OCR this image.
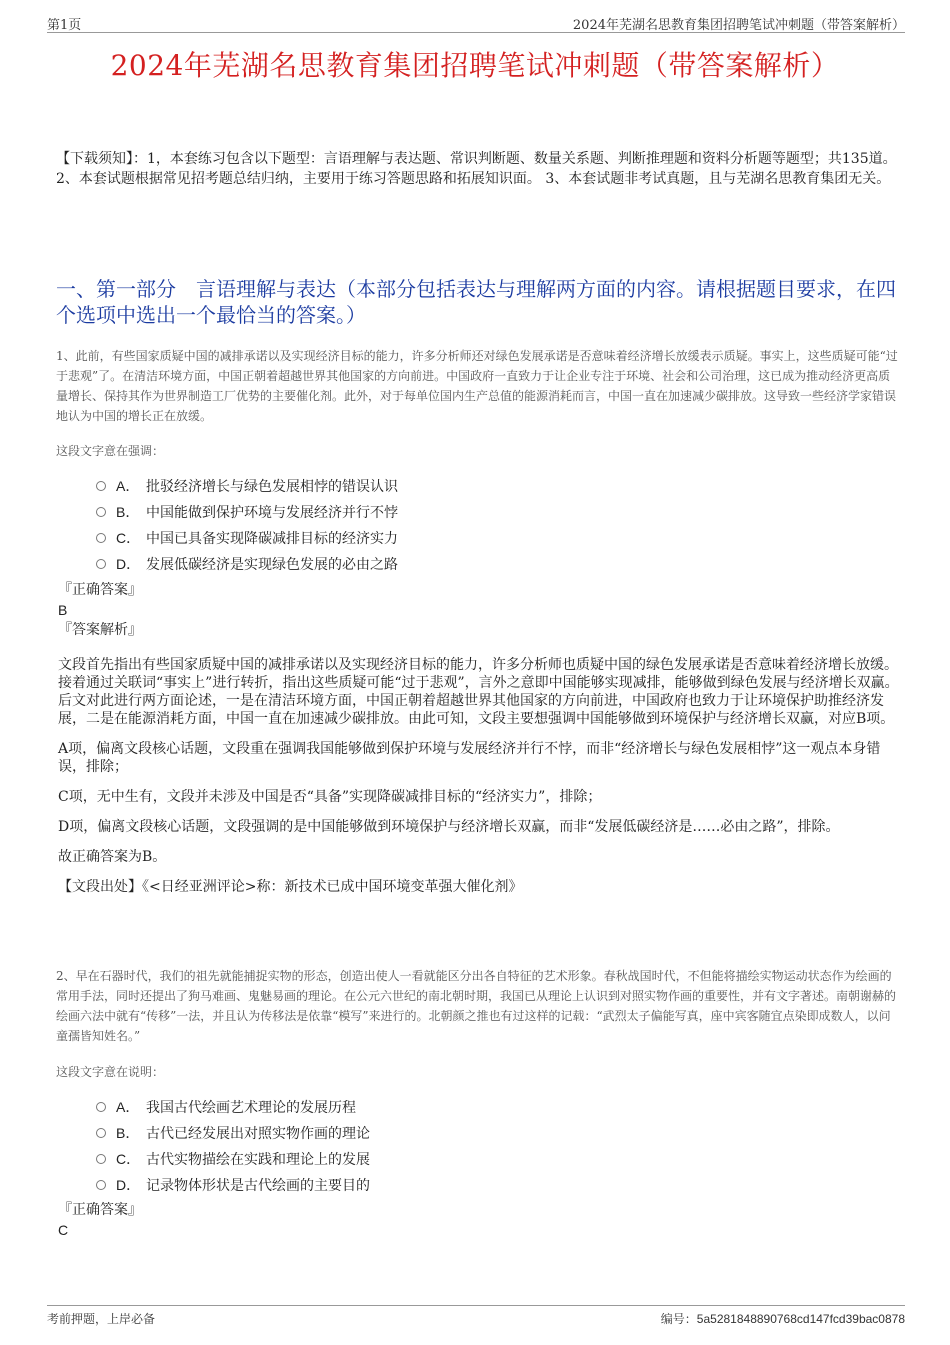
第1页	2024年芜湖名思教育集团招聘笔试冲刺题（带答案解析）
2024年芜湖名思教育集团招聘笔试冲刺题（带答案解析）
【下载须知】：1，本套练习包含以下题型：言语理解与表达题、常识判断题、数量关系题、判断推理题和资料分析题等题型；共135道。 2、本套试题根据常见招考题总结归纳，主要用于练习答题思路和拓展知识面。 3、本套试题非考试真题，且与芜湖名思教育集团无关。
一、第一部分　言语理解与表达（本部分包括表达与理解两方面的内容。请根据题目要求，在四个选项中选出一个最恰当的答案。）
1、此前，有些国家质疑中国的减排承诺以及实现经济目标的能力，许多分析师还对绿色发展承诺是否意味着经济增长放缓表示质疑。事实上，这些质疑可能“过于悲观”了。在清洁环境方面，中国正朝着超越世界其他国家的方向前进。中国政府一直致力于让企业专注于环境、社会和公司治理，这已成为推动经济更高质量增长、保持其作为世界制造工厂优势的主要催化剂。此外，对于每单位国内生产总值的能源消耗而言，中国一直在加速减少碳排放。这导致一些经济学家错误地认为中国的增长正在放缓。
这段文字意在强调：
A． 批驳经济增长与绿色发展相悖的错误认识
B． 中国能做到保护环境与发展经济并行不悖
C． 中国已具备实现降碳减排目标的经济实力
D． 发展低碳经济是实现绿色发展的必由之路
『正确答案』
B
『答案解析』

文段首先指出有些国家质疑中国的减排承诺以及实现经济目标的能力，许多分析师也质疑中国的绿色发展承诺是否意味着经济增长放缓。接着通过关联词“事实上”进行转折，指出这些质疑可能“过于悲观”，言外之意即中国能够实现减排，能够做到绿色发展与经济增长双赢。后文对此进行两方面论述，一是在清洁环境方面，中国正朝着超越世界其他国家的方向前进，中国政府也致力于让环境保护助推经济发展，二是在能源消耗方面，中国一直在加速减少碳排放。由此可知，文段主要想强调中国能够做到环境保护与经济增长双赢，对应B项。

A项，偏离文段核心话题，文段重在强调我国能够做到保护环境与发展经济并行不悖，而非“经济增长与绿色发展相悖”这一观点本身错误，排除；

C项，无中生有，文段并未涉及中国是否“具备”实现降碳减排目标的“经济实力”，排除；

D项，偏离文段核心话题，文段强调的是中国能够做到环境保护与经济增长双赢，而非“发展低碳经济是……必由之路”，排除。

故正确答案为B。

【文段出处】《<日经亚洲评论>称：新技术已成中国环境变革强大催化剂》

2、早在石器时代，我们的祖先就能捕捉实物的形态，创造出使人一看就能区分出各自特征的艺术形象。春秋战国时代，不但能将描绘实物运动状态作为绘画的常用手法，同时还提出了狗马难画、鬼魅易画的理论。在公元六世纪的南北朝时期，我国已从理论上认识到对照实物作画的重要性，并有文字著述。南朝谢赫的绘画六法中就有“传移”一法，并且认为传移法是依靠“模写”来进行的。北朝颜之推也有过这样的记载：“武烈太子偏能写真，座中宾客随宜点染即成数人，以问童孺皆知姓名。”
这段文字意在说明：
A． 我国古代绘画艺术理论的发展历程
B． 古代已经发展出对照实物作画的理论
C． 古代实物描绘在实践和理论上的发展
D． 记录物体形状是古代绘画的主要目的
『正确答案』
C
考前押题，上岸必备	编号：5a5281848890768cd147fcd39bac0878
